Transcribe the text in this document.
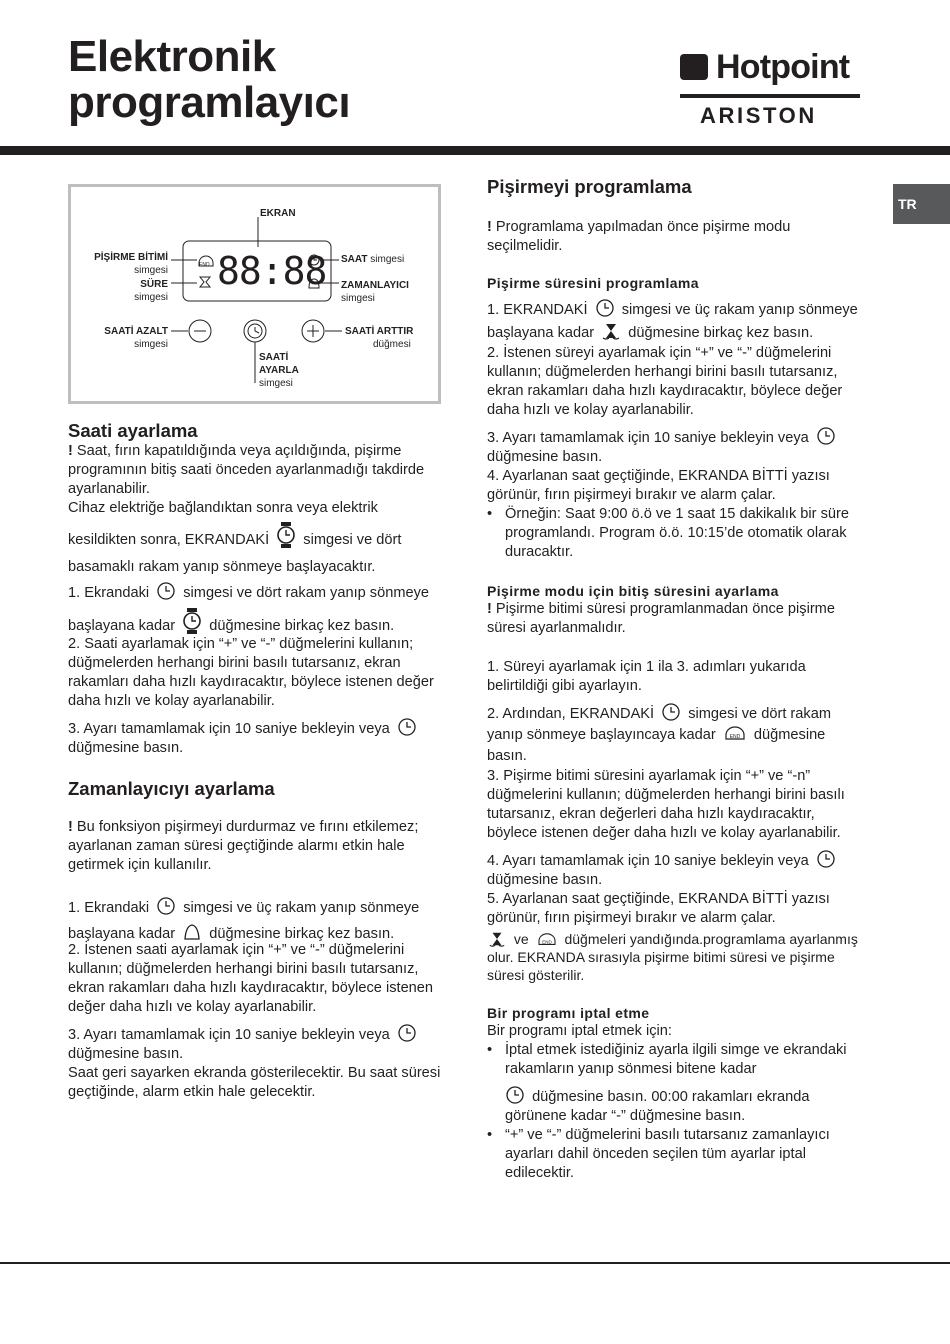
Elektronik
programlayıcı
Hotpoint
ARISTON
TR
END 88:88
EKRAN
PİŞİRME BİTİMİ
simgesi
SÜRE
simgesi
SAAT simgesi
ZAMANLAYICI
simgesi
SAATİ AZALT
simgesi
SAATİ ARTTIR
düğmesi
SAATİ
AYARLA
simgesi
Saati ayarlama
! Saat, fırın kapatıldığında veya açıldığında, pişirme programının bitiş saati önceden ayarlanmadığı takdirde ayarlanabilir.
Cihaz elektriğe bağlandıktan sonra veya elektrik kesildikten sonra, EKRANDAKİ simgesi ve dört basamaklı rakam yanıp sönmeye başlayacaktır.
1. Ekrandaki simgesi ve dört rakam yanıp sönmeye başlayana kadar düğmesine birkaç kez basın.
2. Saati ayarlamak için “+” ve “-” düğmelerini kullanın; düğmelerden herhangi birini basılı tutarsanız, ekran rakamları daha hızlı kaydıracaktır, böylece istenen değer daha hızlı ve kolay ayarlanabilir.
3. Ayarı tamamlamak için 10 saniye bekleyin veya  düğmesine basın.
Zamanlayıcıyı ayarlama
! Bu fonksiyon pişirmeyi durdurmaz ve fırını etkilemez; ayarlanan zaman süresi geçtiğinde alarmı etkin hale getirmek için kullanılır.
1. Ekrandaki simgesi ve üç rakam yanıp sönmeye başlayana kadar düğmesine birkaç kez basın.
2. İstenen saati ayarlamak için “+” ve “-” düğmelerini kullanın; düğmelerden herhangi birini basılı tutarsanız, ekran rakamları daha hızlı kaydıracaktır, böylece istenen değer daha hızlı ve kolay ayarlanabilir.
3. Ayarı tamamlamak için 10 saniye bekleyin veya  düğmesine basın.
Saat geri sayarken ekranda gösterilecektir. Bu saat süresi geçtiğinde, alarm etkin hale gelecektir.
Pişirmeyi programlama
! Programlama yapılmadan önce pişirme modu seçilmelidir.
Pişirme süresini programlama
1. EKRANDAKİ simgesi ve üç rakam yanıp sönmeye başlayana kadar düğmesine birkaç kez basın.
2. İstenen süreyi ayarlamak için “+” ve “-” düğmelerini kullanın; düğmelerden herhangi birini basılı tutarsanız, ekran rakamları daha hızlı kaydıracaktır, böylece değer daha hızlı ve kolay ayarlanabilir.
3. Ayarı tamamlamak için 10 saniye bekleyin veya  düğmesine basın.
4. Ayarlanan saat geçtiğinde, EKRANDA BİTTİ yazısı görünür, fırın pişirmeyi bırakır ve alarm çalar.
• Örneğin: Saat 9:00 ö.ö ve 1 saat 15 dakikalık bir süre programlandı. Program ö.ö. 10:15’de otomatik olarak duracaktır.
Pişirme modu için bitiş süresini ayarlama
! Pişirme bitimi süresi programlanmadan önce pişirme süresi ayarlanmalıdır.
1. Süreyi ayarlamak için 1 ila 3. adımları yukarıda belirtildiği gibi ayarlayın.
2. Ardından, EKRANDAKİ simgesi ve dört rakam yanıp sönmeye başlayıncaya kadar	END düğmesine basın.
3. Pişirme bitimi süresini ayarlamak için “+” ve “-n” düğmelerini kullanın; düğmelerden herhangi birini basılı tutarsanız, ekran değerleri daha hızlı kaydıracaktır, böylece istenen değer daha hızlı ve kolay ayarlanabilir.
4. Ayarı tamamlamak için 10 saniye bekleyin veya  düğmesine basın.
5. Ayarlanan saat geçtiğinde, EKRANDA BİTTİ yazısı görünür, fırın pişirmeyi bırakır ve alarm çalar.
ve	END düğmeleri yandığında.programlama ayarlanmış olur. EKRANDA sırasıyla pişirme bitimi süresi ve pişirme süresi gösterilir.
Bir programı iptal etme
Bir programı iptal etmek için:
• İptal etmek istediğiniz ayarla ilgili simge ve ekrandaki rakamların yanıp sönmesi bitene kadar
düğmesine basın. 00:00 rakamları ekranda görünene kadar “-” düğmesine basın.
• “+” ve “-” düğmelerini basılı tutarsanız zamanlayıcı ayarları dahil önceden seçilen tüm ayarlar iptal edilecektir.
